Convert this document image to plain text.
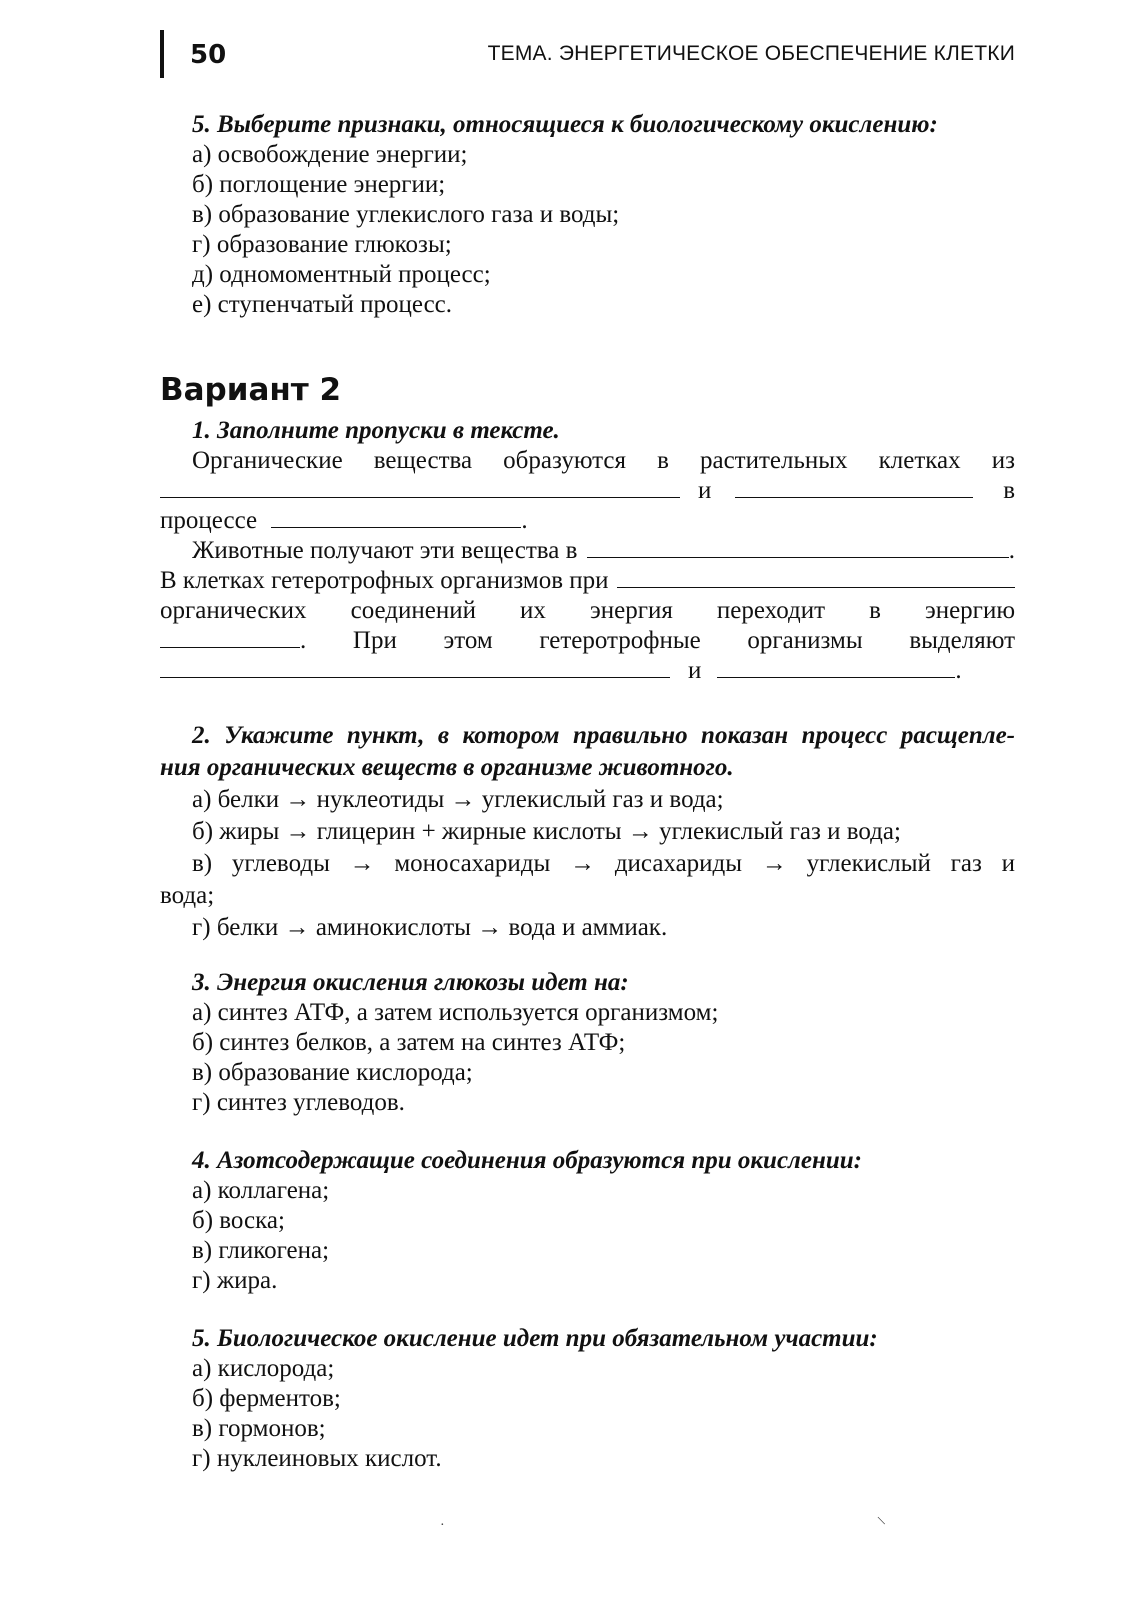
50	ТЕМА. ЭНЕРГЕТИЧЕСКОЕ ОБЕСПЕЧЕНИЕ КЛЕТКИ
5. Выберите признаки, относящиеся к биологическому окислению:
а) освобождение энергии;
б) поглощение энергии;
в) образование углекислого газа и воды;
г) образование глюкозы;
д) одномоментный процесс;
е) ступенчатый процесс.
Вариант 2
1. Заполните пропуски в тексте.
Органические вещества образуются в растительных клетках из
и	в
процессе	.
Животные получают эти вещества в	.
В клетках гетеротрофных организмов при
органических соединений их энергия переходит в энергию
. При этом гетеротрофные организмы выделяют
и	.
2. Укажите пункт, в котором правильно показан процесс расщепле-
ния органических веществ в организме животного.
а) белки → нуклеотиды → углекислый газ и вода;
б) жиры → глицерин + жирные кислоты → углекислый газ и вода;
в) углеводы → моносахариды → дисахариды → углекислый газ и
вода;
г) белки → аминокислоты → вода и аммиак.
3. Энергия окисления глюкозы идет на:
а) синтез АТФ, а затем используется организмом;
б) синтез белков, а затем на синтез АТФ;
в) образование кислорода;
г) синтез углеводов.
4. Азотсодержащие соединения образуются при окислении:
а) коллагена;
б) воска;
в) гликогена;
г) жира.
5. Биологическое окисление идет при обязательном участии:
а) кислорода;
б) ферментов;
в) гормонов;
г) нуклеиновых кислот.
·	\
